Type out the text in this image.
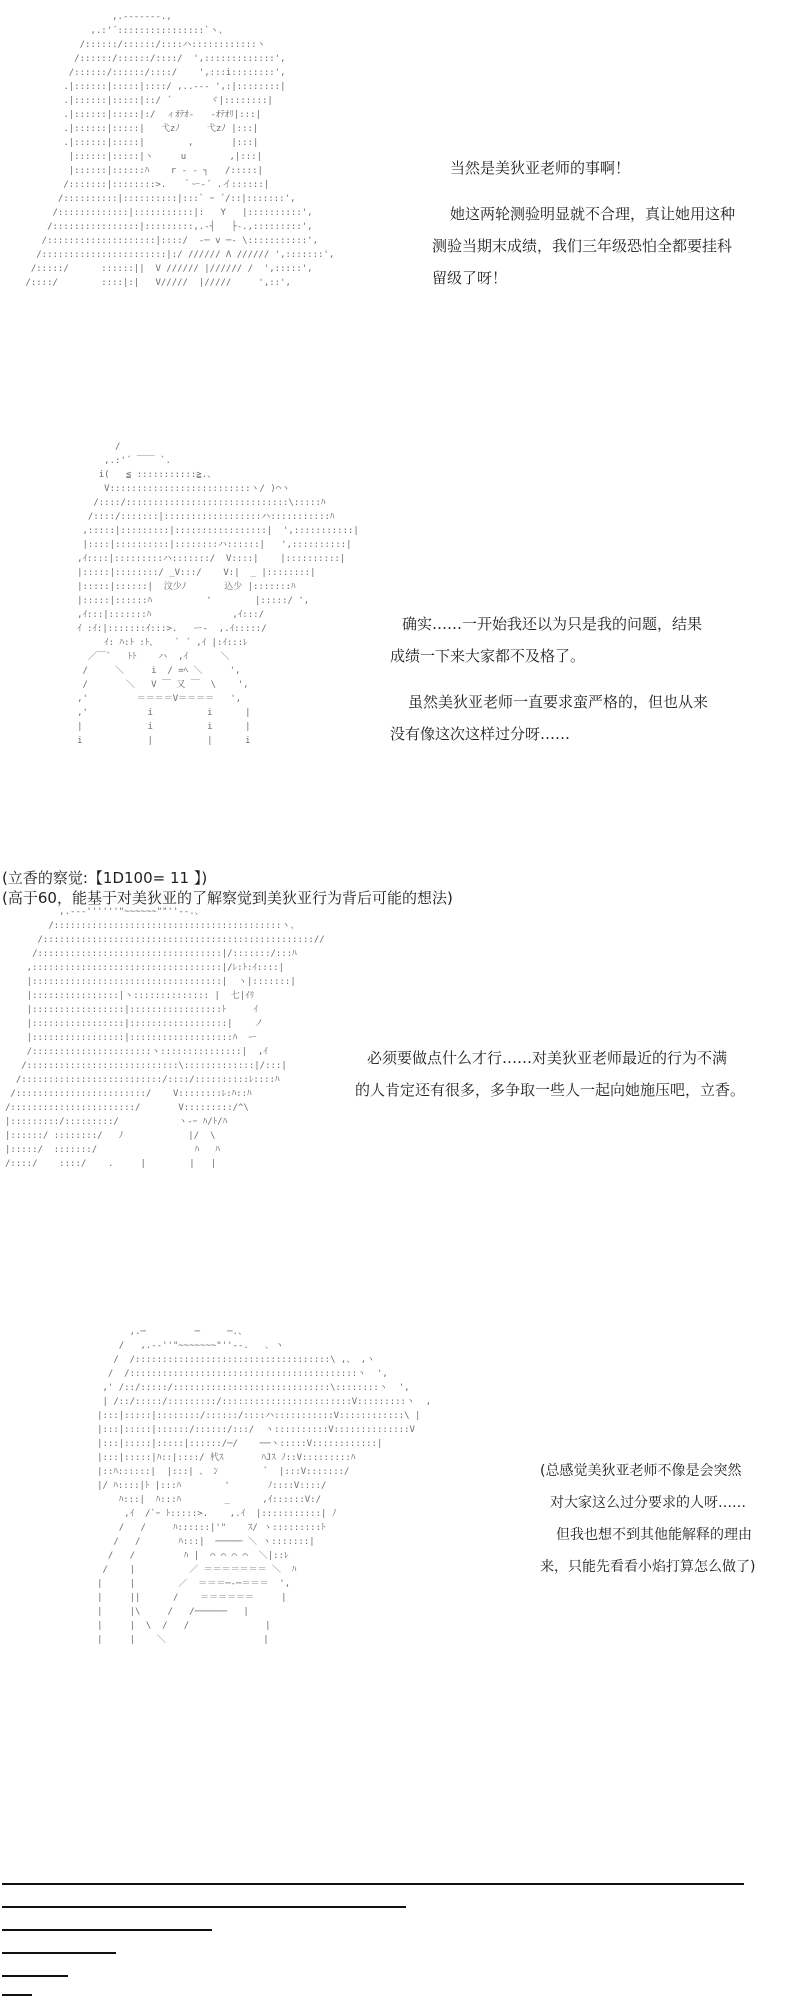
,.--‐‐‐--.,
,.:'´::::::::::::::::`ヽ、
/::::::/::::::/::::ハ::::::::::::ヽ
/::::::/::::::/::::/  ',:::::::::::::',
/::::::/::::::/::::/    ',:::i::::::::',
.|::::::|:::::|::::/ ,..-‐- ',:|::::::::|
.|::::::|:::::|::/ ´       ヾ|::::::::|
.|::::::|:::::|:/  ィｵﾃｵ-   -ｵﾃｵﾘ|:::|
.|::::::|:::::|   弋zﾉ     弋zﾉ |:::|
.|::::::|:::::|        ,       |:::|
|::::::|:::::|ヽ     u        ,|:::|
|::::::|::::::ﾊ    r ‐ ‐ ┐   /:::::|
/:::::::|::::::::>.   ｀ー‐´ .イ::::::|
/::::::::::|::::::::::|:::` ｰ ´/::|:::::::',
/:::::::::::::|:::::::::::|:   Y   |::::::::::',
/::::::::::::::::|:::::::::,.-┤   ├-.,:::::::::',
/::::::::::::::::::::|::::/  ‐─ v ─‐ \:::::::::::',
/:::::::::::::::::::::::|:/ ////// Λ ////// ',:::::::',
/:::::/      ::::::||  V ////// |////// /  ',:::::',
/::::/        ::::|:|   V/////  |/////     ',::',

/
,.:'´ ￣￣ `.
i(   ≦ :::::::::::≧.、
V::::::::::::::::::::::::::ヽ/ )⌒ヽ
/::::/::::::::::::::::::::::::::::::\:::::ﾊ
/::::/:::::::|::::::::::::::::::ハ:::::::::::ﾊ
,:::::|:::::::::|:::::::::::::::::|  ',:::::::::::|
|::::|::::::::::|::::::::ハ::::::|   ',::::::::::|
,ｲ::::|:::::::::ハ:::::::/  V::::|    |::::::::::|
|:::::|::::::::/ _V:::/    V:|  _ |::::::::|
|:::::|::::::|  汶少ﾉ       込少 |:::::::ﾊ
|:::::|::::::ﾊ          '        |:::::/ ',
,ｲ:::|:::::::ﾊ               ,ｲ:::/
ｲ :ｲ:|:::::::ｲ:::>.   ー‐  ,.ｲ:::::/
ｲ: ﾊ:ﾄ :ﾄ、   ` ´ ,ｲ |:ｲ:::ﾚ
／￣`   ﾄﾄ    ハ  ,ｲ      ＼
/     ＼     i  / =ﾍ ＼     ',
/       ＼   V ￣ 又 ￣  \    ',
,'         ＝＝＝＝V＝＝＝＝   ',
,'           i          i      |
|            i          i      |
i            |          |      i

,.-‐‐''''''"~~~~~~""''‐-.、
/::::::::::::::::::::::::::::::::::::::::::ヽ、
/:::::::::::::::::::::::::::::::::::::::::::::::::://
/::::::::::::::::::::::::::::::::::|/:::::::/:::ﾊ
,:::::::::::::::::::::::::::::::::::|/ﾚ:ﾄ:ｲ::::|
|:::::::::::::::::::::::::::::::::::|  ヽ|:::::::|
|::::::::::::::::|ヽ:::::::::::::: |  七|ｲﾘ
|:::::::::::::::::|:::::::::::::::::ﾄ     ｲ
|:::::::::::::::::|::::::::::::::::::|    ノ
|:::::::::::::::::|:::::::::::::::::::ﾊ  ー
/::::::::::::::::::::::ヽ:::::::::::::::|  ,ｲ
/::::::::::::::::::::::::::::\:::::::::::::|/:::|
/::::::::::::::::::::::::::/::::/::::::::::ﾚ::::ﾊ
/::::::::::::::::::::::::/    V::::::::ﾚ:ﾊ::ﾊ
/:::::::::::::::::::::::/       V:::::::::/^\
|:::::::::/:::::::::/           ヽ-ｰ ﾊ/ﾄ/ﾊ
|::::::/ ::::::::/   ﾉ            |/  \
|:::::/  :::::::/                  ﾊ   ﾊ
/::::/    ::::/    .     |        |   |

,.─         ─     ─.、
/   ,.-‐''"~~~~~~~"''‐-.   ､ ヽ
/  /::::::::::::::::::::::::::::::::::::\ ,、 ,ヽ
/  /::::::::::::::::::::::::::::::::::::::::::ヽ  ',
,' /::/:::::/:::::::::::::::::::::::::::::\::::::::ヽ  ',
| /::/:::::/:::::::::/::::::::::::::::::::::::V:::::::::ヽ  ,
|:::|:::::|::::::::/::::::/::::ハ:::::::::::V::::::::::::\ |
|:::|:::::|::::::/::::::/:::/  ヽ::::::::::V::::::::::::::V
|:::|:::::|:::::|::::::/─/    ──ヽ:::::V::::::::::::|
|:::|:::::|ﾊ::|::::/ 杙ｽ       ﾊJｽ ﾉ::V:::::::::ﾊ
|::ﾊ::::::|  |:::| 、 ﾝ         ﾞ  |:::V:::::::/
|/ ﾊ::::|ﾄ |:::ﾊ        '       ﾉ::::V::::/
ﾊ:::|  ﾊ:::ﾊ        _      ,ｲ::::::V:/
,ｲ  /`ｰ ﾄ:::::>.    ,.ｲ  |:::::::::::| ﾉ
/   /     ﾊ::::::|'"    ｽ/ ヽ:::::::::ﾄ
/   /       ﾊ:::|  ───── ＼ ヽ:::::::|
/   /         ﾊ |  ⌒ ⌒ ⌒ ⌒  ＼|::ﾚ
/    |          ／ ＝＝＝＝＝＝＝ ＼  ﾊ
|     |        ／  ＝＝＝─‐─＝＝＝  ',
|     ||      /    ＝＝＝＝＝＝     |
|     |\     /   /──────   |
|     |  \  /   /              |
|     |    ＼                  |

当然是美狄亚老师的事啊！

她这两轮测验明显就不合理，真让她用这种

测验当期末成绩，我们三年级恐怕全都要挂科

留级了呀！

确实……一开始我还以为只是我的问题，结果

成绩一下来大家都不及格了。

虽然美狄亚老师一直要求蛮严格的，但也从来

没有像这次这样过分呀……

必须要做点什么才行……对美狄亚老师最近的行为不满

的人肯定还有很多，多争取一些人一起向她施压吧，立香。

(总感觉美狄亚老师不像是会突然

对大家这么过分要求的人呀……

但我也想不到其他能解释的理由

来，只能先看看小焰打算怎么做了)

(立香的察觉:【1D100= 11 】)
(高于60，能基于对美狄亚的了解察觉到美狄亚行为背后可能的想法)
